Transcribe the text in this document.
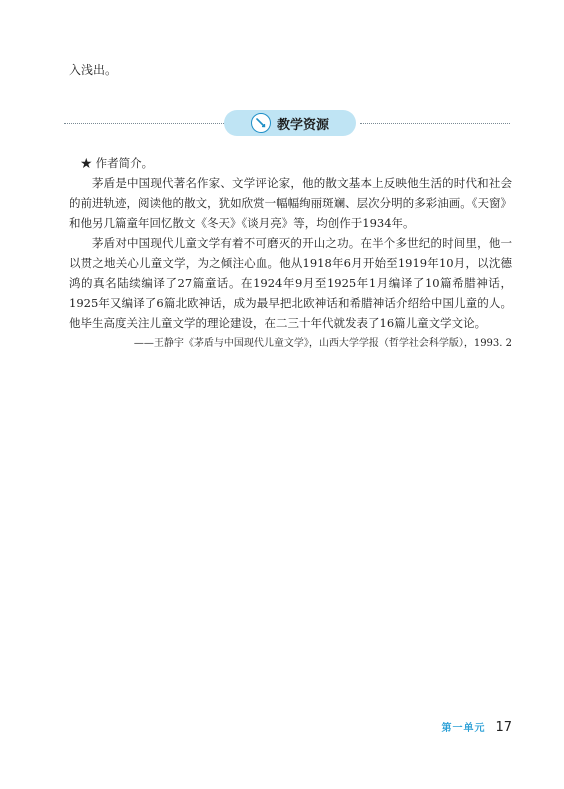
入浅出。
教学资源

★ 作者简介。

茅盾是中国现代著名作家、文学评论家，他的散文基本上反映他生活的时代和社会的前进轨迹，阅读他的散文，犹如欣赏一幅幅绚丽斑斓、层次分明的多彩油画。《天窗》和他另几篇童年回忆散文《冬天》《谈月亮》等，均创作于1934年。

茅盾对中国现代儿童文学有着不可磨灭的开山之功。在半个多世纪的时间里，他一以贯之地关心儿童文学，为之倾注心血。他从1918年6月开始至1919年10月，以沈德鸿的真名陆续编译了27篇童话。在1924年9月至1925年1月编译了10篇希腊神话，1925年又编译了6篇北欧神话，成为最早把北欧神话和希腊神话介绍给中国儿童的人。他毕生高度关注儿童文学的理论建设，在二三十年代就发表了16篇儿童文学文论。

——王静宇《茅盾与中国现代儿童文学》，山西大学学报（哲学社会科学版），1993. 2
第一单元 17
